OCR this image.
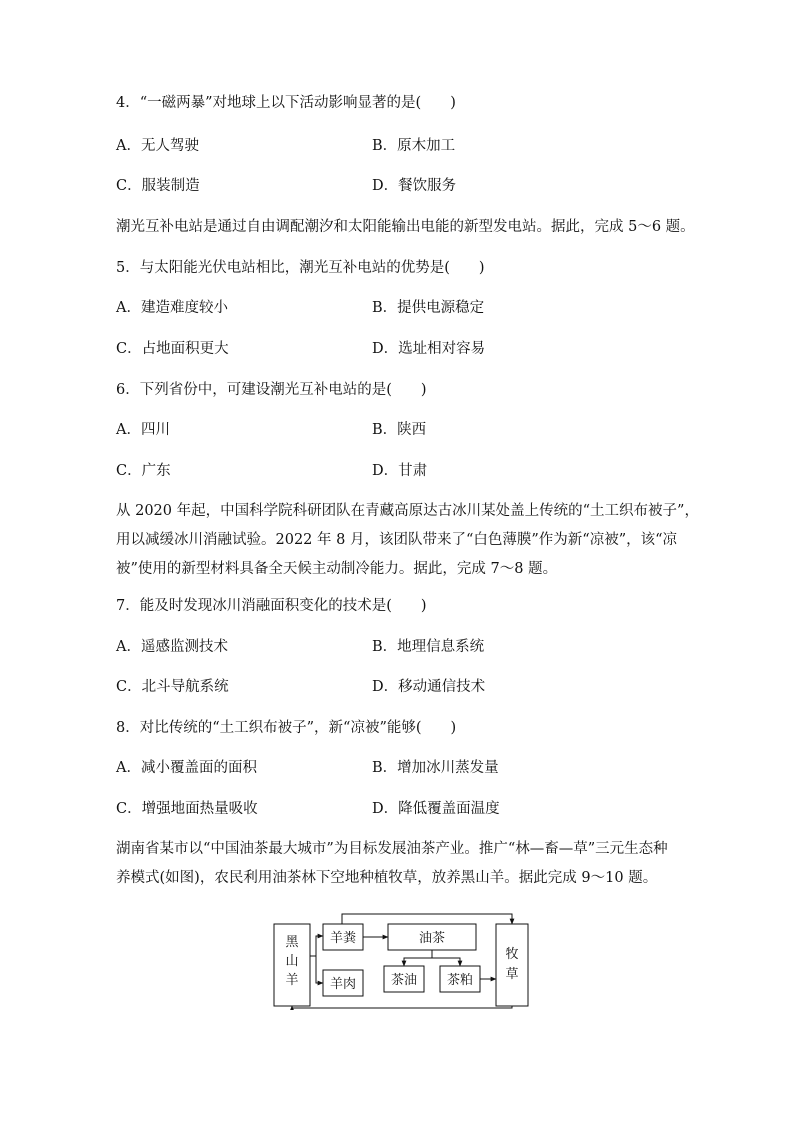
4．“一磁两暴”对地球上以下活动影响显著的是(　　)
A．无人驾驶	B．原木加工
C．服装制造	D．餐饮服务
潮光互补电站是通过自由调配潮汐和太阳能输出电能的新型发电站。据此，完成 5～6 题。
5．与太阳能光伏电站相比，潮光互补电站的优势是(　　)
A．建造难度较小	B．提供电源稳定
C．占地面积更大	D．选址相对容易
6．下列省份中，可建设潮光互补电站的是(　　)
A．四川	B．陕西
C．广东	D．甘肃
从 2020 年起，中国科学院科研团队在青藏高原达古冰川某处盖上传统的“土工织布被子”，
用以减缓冰川消融试验。2022 年 8 月，该团队带来了“白色薄膜”作为新“凉被”，该“凉
被”使用的新型材料具备全天候主动制冷能力。据此，完成 7～8 题。
7．能及时发现冰川消融面积变化的技术是(　　)
A．遥感监测技术	B．地理信息系统
C．北斗导航系统	D．移动通信技术
8．对比传统的“土工织布被子”，新“凉被”能够(　　)
A．减小覆盖面的面积	B．增加冰川蒸发量
C．增强地面热量吸收	D．降低覆盖面温度
湖南省某市以“中国油茶最大城市”为目标发展油茶产业。推广“林—畜—草”三元生态种
养模式(如图)，农民利用油茶林下空地种植牧草，放养黑山羊。据此完成 9～10 题。
黑
山
羊
羊粪
羊肉
油茶
茶油 茶粕
牧
草
